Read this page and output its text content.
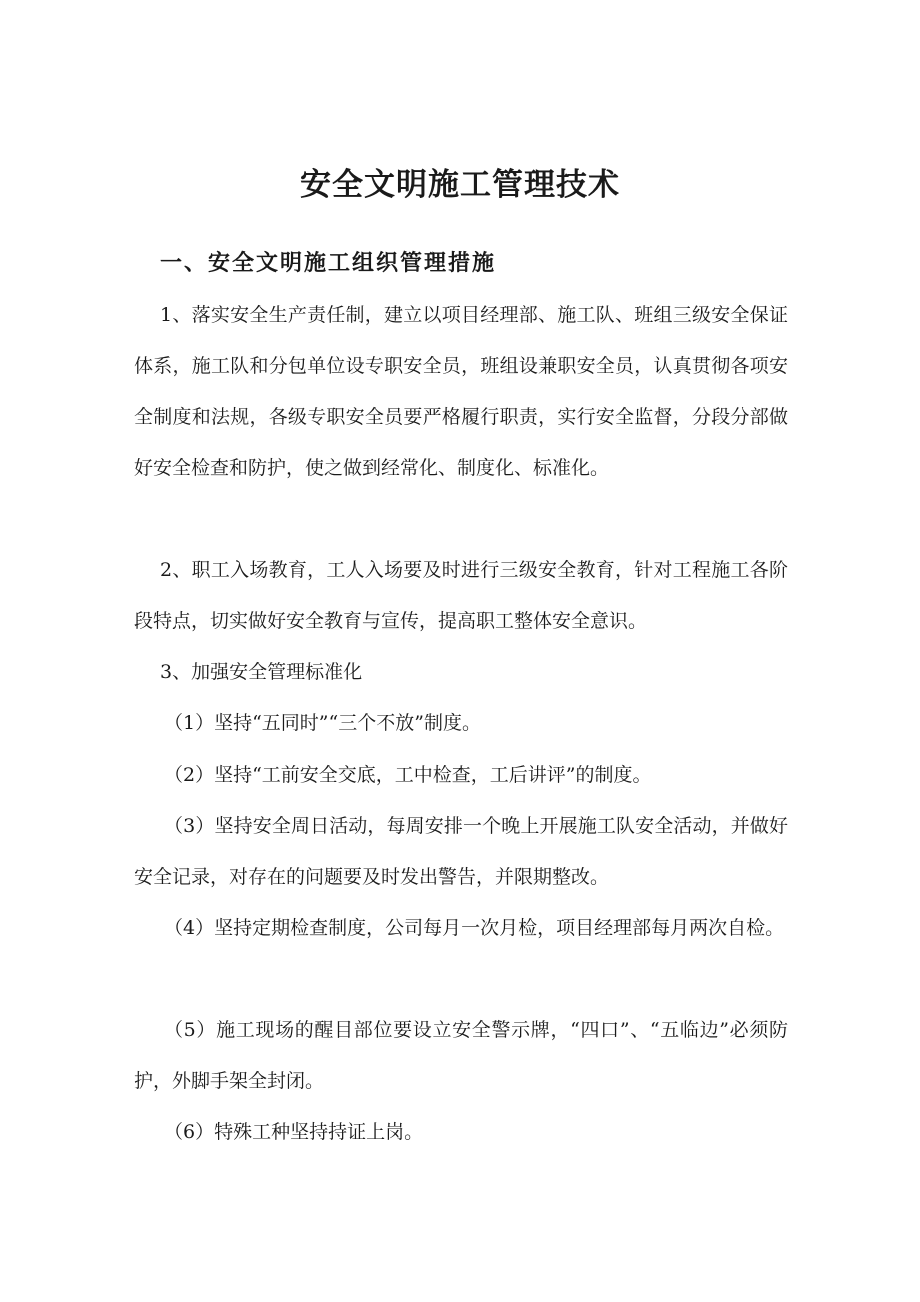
安全文明施工管理技术
一、安全文明施工组织管理措施

1、落实安全生产责任制，建立以项目经理部、施工队、班组三级安全保证体系，施工队和分包单位设专职安全员，班组设兼职安全员，认真贯彻各项安全制度和法规，各级专职安全员要严格履行职责，实行安全监督，分段分部做好安全检查和防护，使之做到经常化、制度化、标准化。

2、职工入场教育，工人入场要及时进行三级安全教育，针对工程施工各阶段特点，切实做好安全教育与宣传，提高职工整体安全意识。

3、加强安全管理标准化

（1）坚持“五同时”“三个不放”制度。

（2）坚持“工前安全交底，工中检查，工后讲评”的制度。

（3）坚持安全周日活动，每周安排一个晚上开展施工队安全活动，并做好安全记录，对存在的问题要及时发出警告，并限期整改。

（4）坚持定期检查制度，公司每月一次月检，项目经理部每月两次自检。

（5）施工现场的醒目部位要设立安全警示牌，“四口”、“五临边”必须防护，外脚手架全封闭。

（6）特殊工种坚持持证上岗。
